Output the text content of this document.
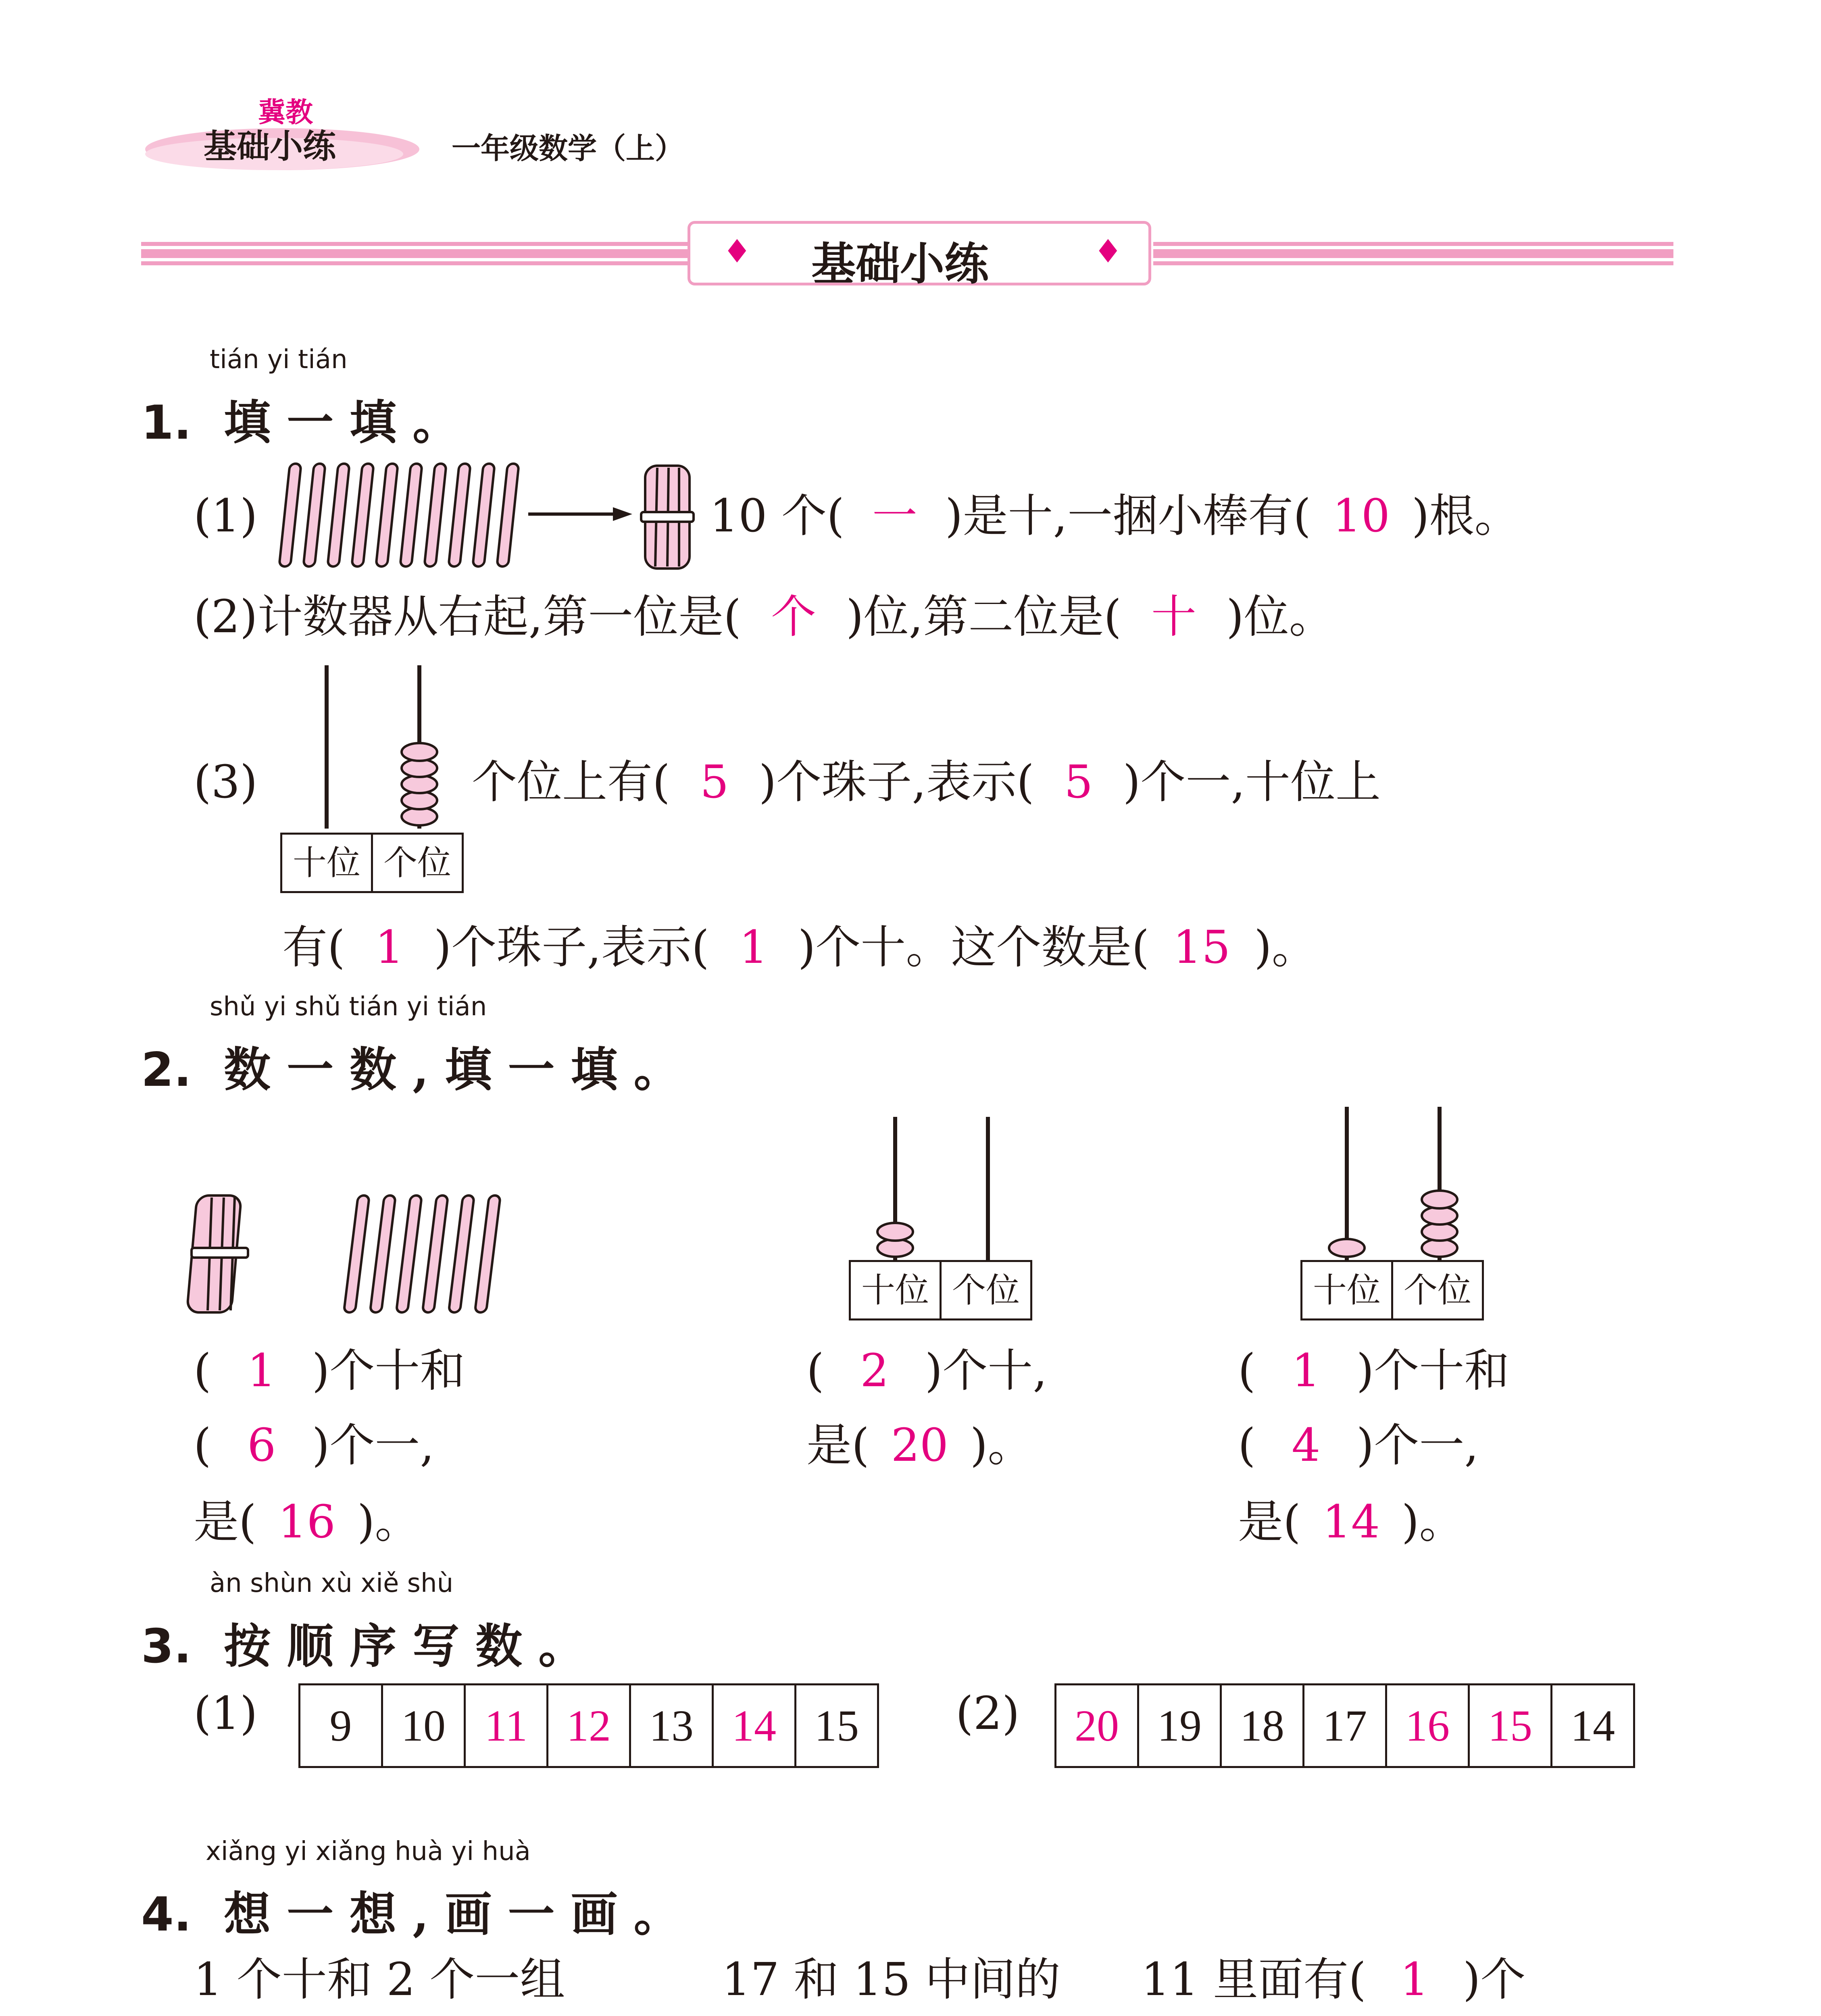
冀教
基础小练	一年级数学（上）
♦ 基础小练	♦
tián yi tián
1. 填一填。
(1)	10 个( 一 )是十,一捆小棒有( 10 )根。
(2)计数器从右起,第一位是( 个 )位,第二位是( 十 )位。
(3)
十位 个位
个位上有( 5 )个珠子,表示( 5 )个一,十位上
有( 1 )个珠子,表示( 1 )个十。这个数是( 15 )。
shǔ yi shǔ tián yi tián
2. 数一数,填一填。
十位 个位	十位 个位
( 1 )个十和
( 6 )个一,
是( 16 )。
( 2 )个十,
是( 20 )。
( 1 )个十和
( 4 )个一,
是( 14 )。
àn shùn xù xiě shù
3. 按顺序写数。
(1) 9	10	11	12	13	14	15 (2) 20	19	18	17	16	15	14
xiǎng yi xiǎng huà yi huà
4. 想一想,画一画。
1 个十和 2 个一组	17 和 15 中间的 11 里面有( 1 )个
